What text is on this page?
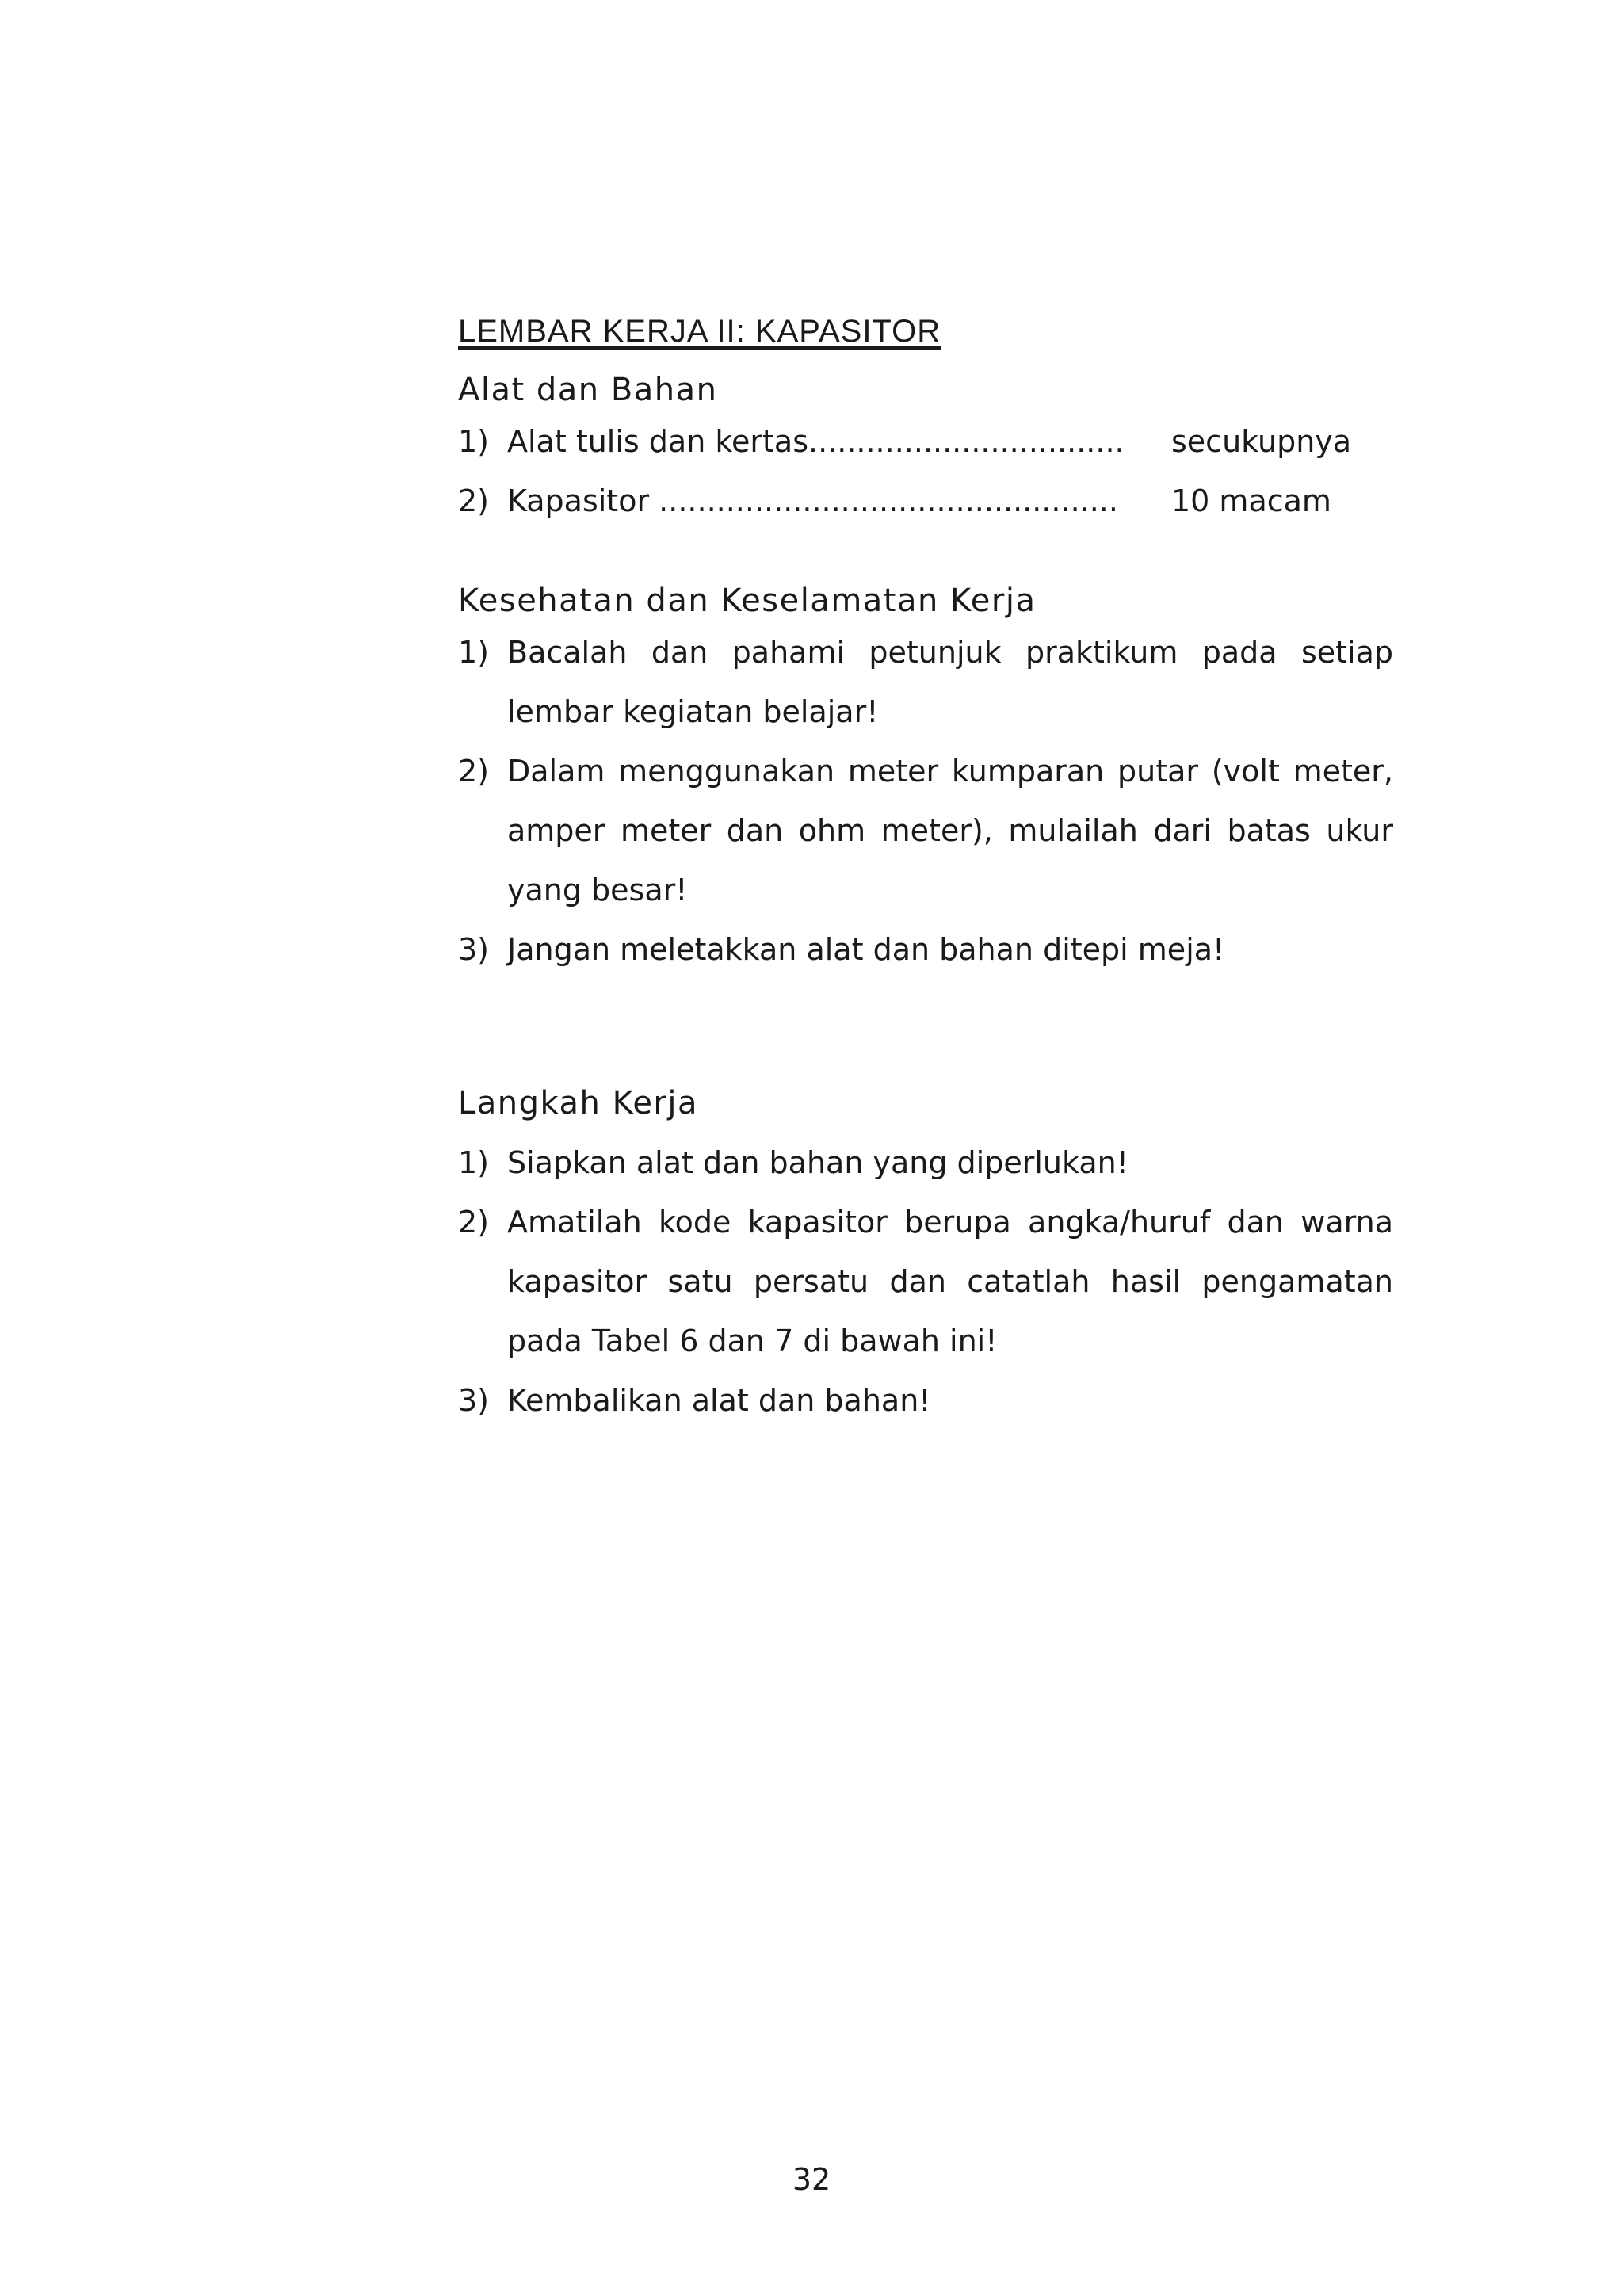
LEMBAR KERJA II: KAPASITOR
Alat dan Bahan
1) Alat tulis dan kertas.................................	secukupnya
2) Kapasitor ................................................	10 macam
Kesehatan dan Keselamatan Kerja
1) Bacalah dan pahami petunjuk praktikum pada setiap lembar kegiatan belajar!
2) Dalam menggunakan meter kumparan putar (volt meter, amper meter dan ohm meter), mulailah dari batas ukur yang besar!
3) Jangan meletakkan alat dan bahan ditepi meja!
Langkah Kerja
1) Siapkan alat dan bahan yang diperlukan!
2) Amatilah kode kapasitor berupa angka/huruf dan warna kapasitor satu persatu dan catatlah hasil pengamatan pada Tabel 6 dan 7 di bawah ini!
3) Kembalikan alat dan bahan!
32
